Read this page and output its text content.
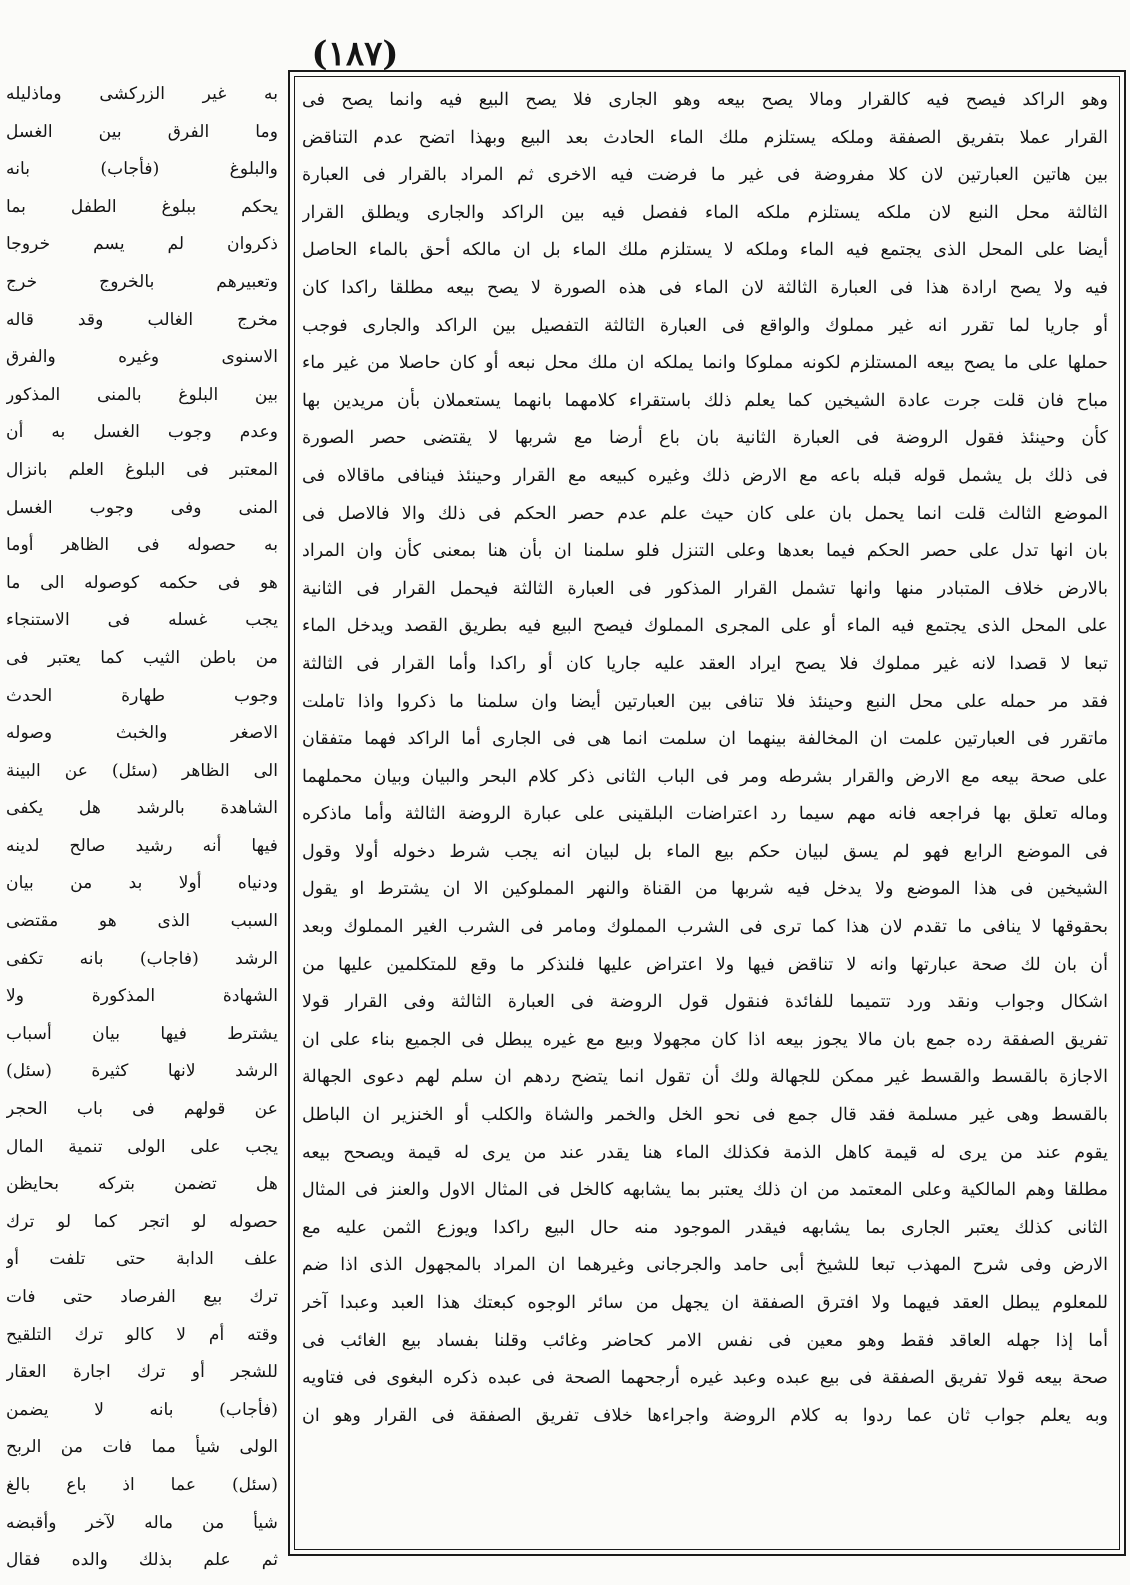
(١٨٧)
وهو الراكد فيصح فيه كالقرار ومالا يصح بيعه وهو الجارى فلا يصح البيع فيه وانما يصح فى
القرار عملا بتفريق الصفقة وملكه يستلزم ملك الماء الحادث بعد البيع وبهذا اتضح عدم التناقض
بين هاتين العبارتين لان كلا مفروضة فى غير ما فرضت فيه الاخرى ثم المراد بالقرار فى العبارة
الثالثة محل النبع لان ملكه يستلزم ملكه الماء ففصل فيه بين الراكد والجارى ويطلق القرار
أيضا على المحل الذى يجتمع فيه الماء وملكه لا يستلزم ملك الماء بل ان مالكه أحق بالماء الحاصل
فيه ولا يصح ارادة هذا فى العبارة الثالثة لان الماء فى هذه الصورة لا يصح بيعه مطلقا راكدا كان
أو جاريا لما تقرر انه غير مملوك والواقع فى العبارة الثالثة التفصيل بين الراكد والجارى فوجب
حملها على ما يصح بيعه المستلزم لكونه مملوكا وانما يملكه ان ملك محل نبعه أو كان حاصلا من غير ماء
مباح فان قلت جرت عادة الشيخين كما يعلم ذلك باستقراء كلامهما بانهما يستعملان بأن مريدين بها
كأن وحينئذ فقول الروضة فى العبارة الثانية بان باع أرضا مع شربها لا يقتضى حصر الصورة
فى ذلك بل يشمل قوله قبله باعه مع الارض ذلك وغيره كبيعه مع القرار وحينئذ فينافى ماقالاه فى
الموضع الثالث قلت انما يحمل بان على كان حيث علم عدم حصر الحكم فى ذلك والا فالاصل فى
بان انها تدل على حصر الحكم فيما بعدها وعلى التنزل فلو سلمنا ان بأن هنا بمعنى كأن وان المراد
بالارض خلاف المتبادر منها وانها تشمل القرار المذكور فى العبارة الثالثة فيحمل القرار فى الثانية
على المحل الذى يجتمع فيه الماء أو على المجرى المملوك فيصح البيع فيه بطريق القصد ويدخل الماء
تبعا لا قصدا لانه غير مملوك فلا يصح ايراد العقد عليه جاريا كان أو راكدا وأما القرار فى الثالثة
فقد مر حمله على محل النبع وحينئذ فلا تنافى بين العبارتين أيضا وان سلمنا ما ذكروا واذا تاملت
ماتقرر فى العبارتين علمت ان المخالفة بينهما ان سلمت انما هى فى الجارى أما الراكد فهما متفقان
على صحة بيعه مع الارض والقرار بشرطه ومر فى الباب الثانى ذكر كلام البحر والبيان وبيان محملهما
وماله تعلق بها فراجعه فانه مهم سيما رد اعتراضات البلقينى على عبارة الروضة الثالثة وأما ماذكره
فى الموضع الرابع فهو لم يسق لبيان حكم بيع الماء بل لبيان انه يجب شرط دخوله أولا وقول
الشيخين فى هذا الموضع ولا يدخل فيه شربها من القناة والنهر المملوكين الا ان يشترط او يقول
بحقوقها لا ينافى ما تقدم لان هذا كما ترى فى الشرب المملوك ومامر فى الشرب الغير المملوك وبعد
أن بان لك صحة عبارتها وانه لا تناقض فيها ولا اعتراض عليها فلنذكر ما وقع للمتكلمين عليها من
اشكال وجواب ونقد ورد تتميما للفائدة فنقول قول الروضة فى العبارة الثالثة وفى القرار قولا
تفريق الصفقة رده جمع بان مالا يجوز بيعه اذا كان مجهولا وبيع مع غيره يبطل فى الجميع بناء على ان
الاجازة بالقسط والقسط غير ممكن للجهالة ولك أن تقول انما يتضح ردهم ان سلم لهم دعوى الجهالة
بالقسط وهى غير مسلمة فقد قال جمع فى نحو الخل والخمر والشاة والكلب أو الخنزير ان الباطل
يقوم عند من يرى له قيمة كاهل الذمة فكذلك الماء هنا يقدر عند من يرى له قيمة ويصحح بيعه
مطلقا وهم المالكية وعلى المعتمد من ان ذلك يعتبر بما يشابهه كالخل فى المثال الاول والعنز فى المثال
الثانى كذلك يعتبر الجارى بما يشابهه فيقدر الموجود منه حال البيع راكدا ويوزع الثمن عليه مع
الارض وفى شرح المهذب تبعا للشيخ أبى حامد والجرجانى وغيرهما ان المراد بالمجهول الذى اذا ضم
للمعلوم يبطل العقد فيهما ولا افترق الصفقة ان يجهل من سائر الوجوه كبعتك هذا العبد وعبدا آخر
أما إذا جهله العاقد فقط وهو معين فى نفس الامر كحاضر وغائب وقلنا بفساد بيع الغائب فى
صحة بيعه قولا تفريق الصفقة فى بيع عبده وعبد غيره أرجحهما الصحة فى عبده ذكره البغوى فى فتاويه
وبه يعلم جواب ثان عما ردوا به كلام الروضة واجراءها خلاف تفريق الصفقة فى القرار وهو ان
به غير الزركشى وماذليله
وما الفرق بين الغسل
والبلوغ (فأجاب) بانه
يحكم ببلوغ الطفل بما
ذكروان لم يسم خروجا
وتعبيرهم بالخروج خرج
مخرج الغالب وقد قاله
الاسنوى وغيره والفرق
بين البلوغ بالمنى المذكور
وعدم وجوب الغسل به أن
المعتبر فى البلوغ العلم بانزال
المنى وفى وجوب الغسل
به حصوله فى الظاهر أوما
هو فى حكمه كوصوله الى ما
يجب غسله فى الاستنجاء
من باطن الثيب كما يعتبر فى
وجوب طهارة الحدث
الاصغر والخبث وصوله
الى الظاهر (سئل) عن البينة
الشاهدة بالرشد هل يكفى
فيها أنه رشيد صالح لدينه
ودنياه أولا بد من بيان
السبب الذى هو مقتضى
الرشد (فاجاب) بانه تكفى
الشهادة المذكورة ولا
يشترط فيها بيان أسباب
الرشد لانها كثيرة (سئل)
عن قولهم فى باب الحجر
يجب على الولى تنمية المال
هل تضمن بتركه بحايظن
حصوله لو اتجر كما لو ترك
علف الدابة حتى تلفت أو
ترك بيع الفرصاد حتى فات
وقته أم لا كالو ترك التلقيح
للشجر أو ترك اجارة العقار
(فأجاب) بانه لا يضمن
الولى شيأ مما فات من الربح
(سئل) عما اذ باع بالغ
شيأ من ماله لآخر وأقبضه
ثم علم بذلك والده فقال
